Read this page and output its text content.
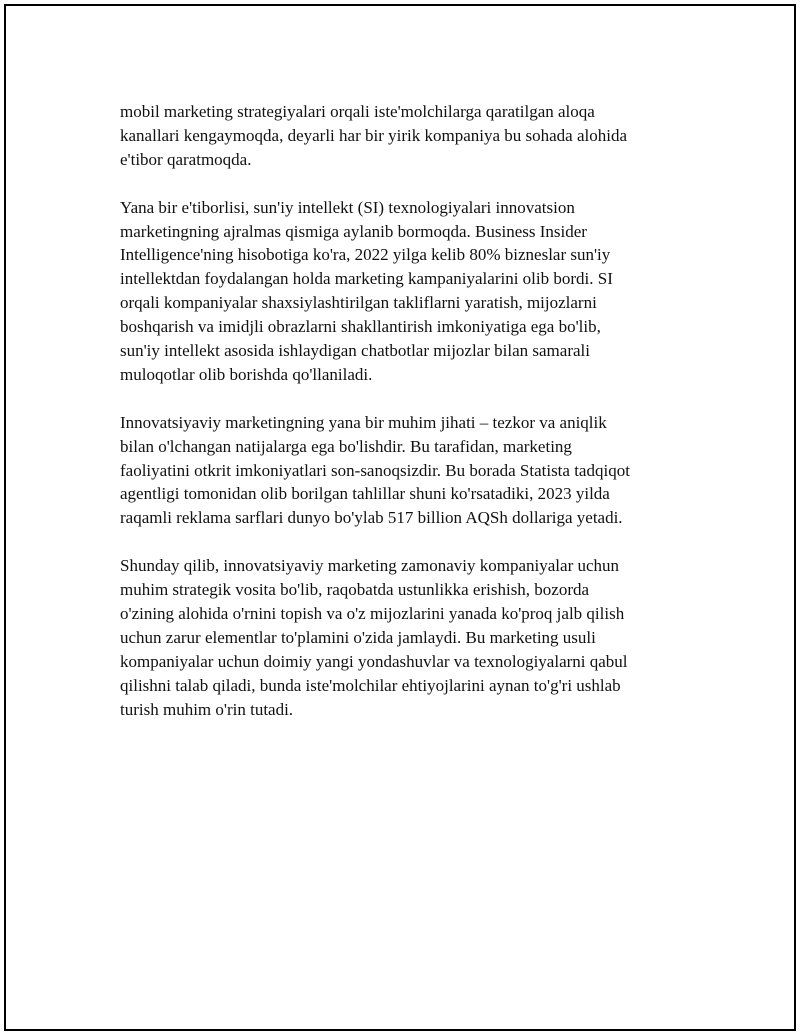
mobil marketing strategiyalari orqali iste'molchilarga qaratilgan aloqa
kanallari kengaymoqda, deyarli har bir yirik kompaniya bu sohada alohida
e'tibor qaratmoqda.

Yana bir e'tiborlisi, sun'iy intellekt (SI) texnologiyalari innovatsion
marketingning ajralmas qismiga aylanib bormoqda. Business Insider
Intelligence'ning hisobotiga ko'ra, 2022 yilga kelib 80% bizneslar sun'iy
intellektdan foydalangan holda marketing kampaniyalarini olib bordi. SI
orqali kompaniyalar shaxsiylashtirilgan takliflarni yaratish, mijozlarni
boshqarish va imidjli obrazlarni shakllantirish imkoniyatiga ega bo'lib,
sun'iy intellekt asosida ishlaydigan chatbotlar mijozlar bilan samarali
muloqotlar olib borishda qo'llaniladi.

Innovatsiyaviy marketingning yana bir muhim jihati – tezkor va aniqlik
bilan o'lchangan natijalarga ega bo'lishdir. Bu tarafidan, marketing
faoliyatini otkrit imkoniyatlari son-sanoqsizdir. Bu borada Statista tadqiqot
agentligi tomonidan olib borilgan tahlillar shuni ko'rsatadiki, 2023 yilda
raqamli reklama sarflari dunyo bo'ylab 517 billion AQSh dollariga yetadi.

Shunday qilib, innovatsiyaviy marketing zamonaviy kompaniyalar uchun
muhim strategik vosita bo'lib, raqobatda ustunlikka erishish, bozorda
o'zining alohida o'rnini topish va o'z mijozlarini yanada ko'proq jalb qilish
uchun zarur elementlar to'plamini o'zida jamlaydi. Bu marketing usuli
kompaniyalar uchun doimiy yangi yondashuvlar va texnologiyalarni qabul
qilishni talab qiladi, bunda iste'molchilar ehtiyojlarini aynan to'g'ri ushlab
turish muhim o'rin tutadi.
